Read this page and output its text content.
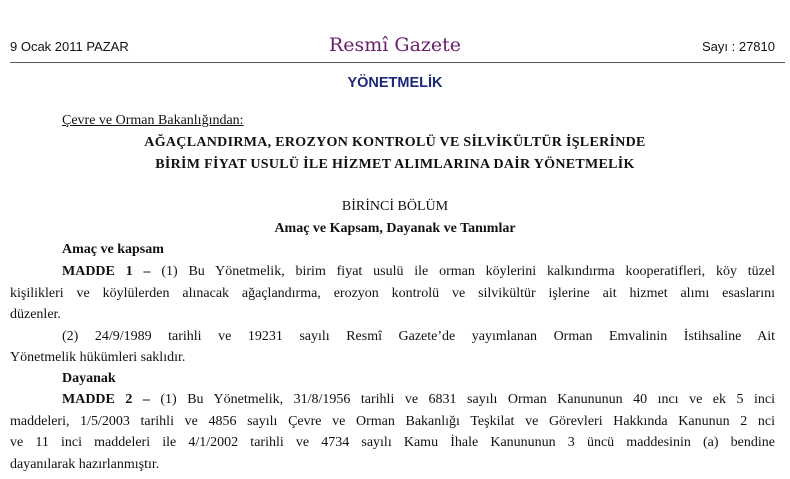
9 Ocak 2011 PAZAR	Resmî Gazete	Sayı : 27810
YÖNETMELİK
Çevre ve Orman Bakanlığından:
AĞAÇLANDIRMA, EROZYON KONTROLÜ VE SİLVİKÜLTÜR İŞLERİNDE
BİRİM FİYAT USULÜ İLE HİZMET ALIMLARINA DAİR YÖNETMELİK
BİRİNCİ BÖLÜM
Amaç ve Kapsam, Dayanak ve Tanımlar
Amaç ve kapsam
MADDE 1 – (1) Bu Yönetmelik, birim fiyat usulü ile orman köylerini kalkındırma kooperatifleri, köy tüzel
kişilikleri ve köylülerden alınacak ağaçlandırma, erozyon kontrolü ve silvikültür işlerine ait hizmet alımı esaslarını
düzenler.
(2) 24/9/1989 tarihli ve 19231 sayılı Resmî Gazete’de yayımlanan Orman Emvalinin İstihsaline Ait
Yönetmelik hükümleri saklıdır.
Dayanak
MADDE 2 – (1) Bu Yönetmelik, 31/8/1956 tarihli ve 6831 sayılı Orman Kanununun 40 ıncı ve ek 5 inci
maddeleri, 1/5/2003 tarihli ve 4856 sayılı Çevre ve Orman Bakanlığı Teşkilat ve Görevleri Hakkında Kanunun 2 nci
ve 11 inci maddeleri ile 4/1/2002 tarihli ve 4734 sayılı Kamu İhale Kanununun 3 üncü maddesinin (a) bendine
dayanılarak hazırlanmıştır.
